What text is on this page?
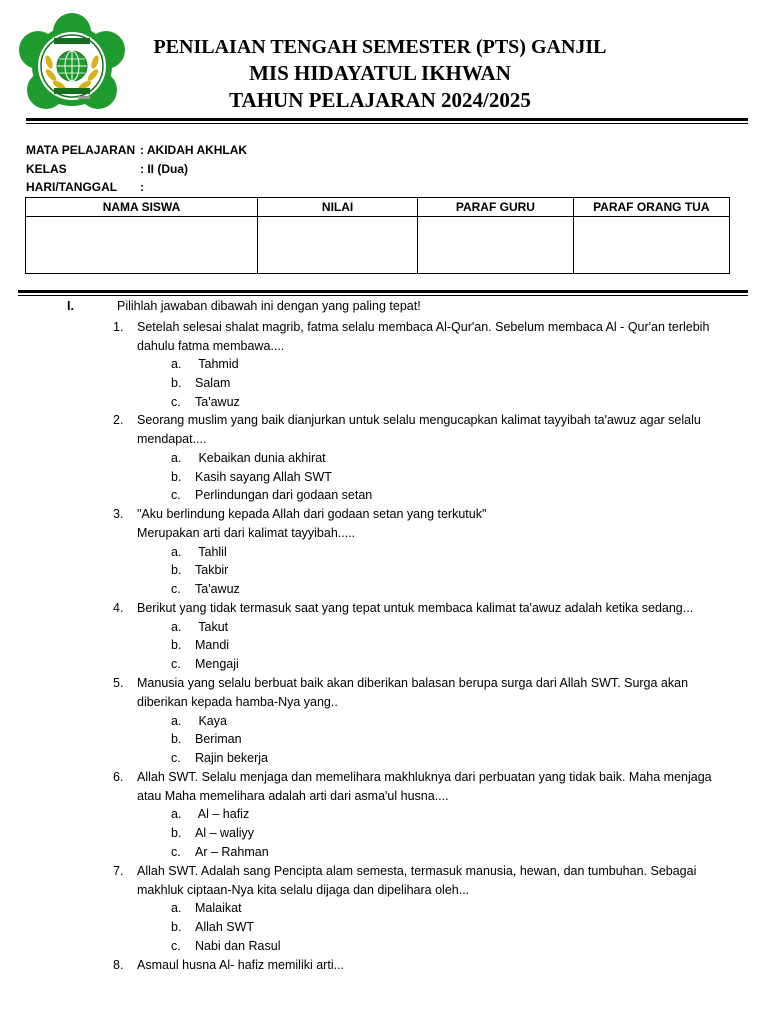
PENILAIAN TENGAH SEMESTER (PTS) GANJIL
MIS HIDAYATUL IKHWAN
TAHUN PELAJARAN 2024/2025
MATA PELAJARAN : AKIDAH AKHLAK
KELAS	: II (Dua)
HARI/TANGGAL :
NAMA SISWA	NILAI	PARAF GURU	PARAF ORANG TUA

I.	Pilihlah jawaban dibawah ini dengan yang paling tepat!
1.	Setelah selesai shalat magrib, fatma selalu membaca Al-Qur'an. Sebelum membaca Al - Qur'an terlebih dahulu fatma membawa....
a. Tahmid
b. Salam
c. Ta'awuz
2.	Seorang muslim yang baik dianjurkan untuk selalu mengucapkan kalimat tayyibah ta'awuz agar selalu mendapat....
a. Kebaikan dunia akhirat
b. Kasih sayang Allah SWT
c. Perlindungan dari godaan setan
3.	"Aku berlindung kepada Allah dari godaan setan yang terkutuk"
Merupakan arti dari kalimat tayyibah.....
a. Tahlil
b. Takbir
c. Ta'awuz
4.	Berikut yang tidak termasuk saat yang tepat untuk membaca kalimat ta'awuz adalah ketika sedang...
a. Takut
b. Mandi
c. Mengaji
5.	Manusia yang selalu berbuat baik akan diberikan balasan berupa surga dari Allah SWT. Surga akan diberikan kepada hamba-Nya yang..
a. Kaya
b. Beriman
c. Rajin bekerja
6.	Allah SWT. Selalu menjaga dan memelihara makhluknya dari perbuatan yang tidak baik. Maha menjaga atau Maha memelihara adalah arti dari asma'ul husna....
a. Al – hafiz
b. Al – waliyy
c. Ar – Rahman
7.	Allah SWT. Adalah sang Pencipta alam semesta, termasuk manusia, hewan, dan tumbuhan. Sebagai makhluk ciptaan-Nya kita selalu dijaga dan dipelihara oleh...
a. Malaikat
b. Allah SWT
c. Nabi dan Rasul
8.	Asmaul husna Al- hafiz memiliki arti...
